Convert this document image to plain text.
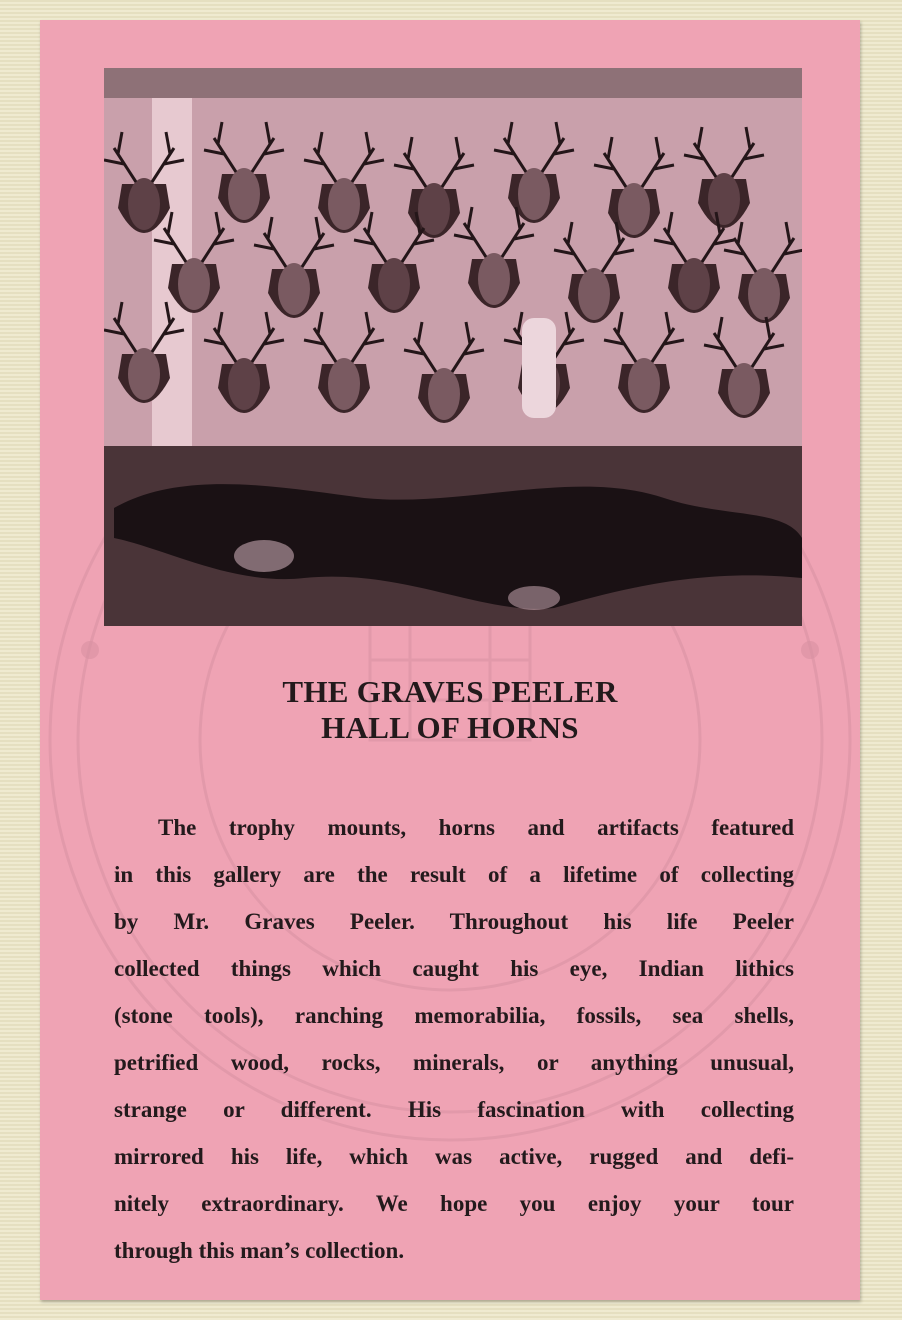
THE GRAVES PEELER
HALL OF HORNS
The trophy mounts, horns and artifacts featured
in this gallery are the result of a lifetime of collecting
by Mr. Graves Peeler. Throughout his life Peeler
collected things which caught his eye, Indian lithics
(stone tools), ranching memorabilia, fossils, sea shells,
petrified wood, rocks, minerals, or anything unusual,
strange or different. His fascination with collecting
mirrored his life, which was active, rugged and defi-
nitely extraordinary. We hope you enjoy your tour
through this man’s collection.
